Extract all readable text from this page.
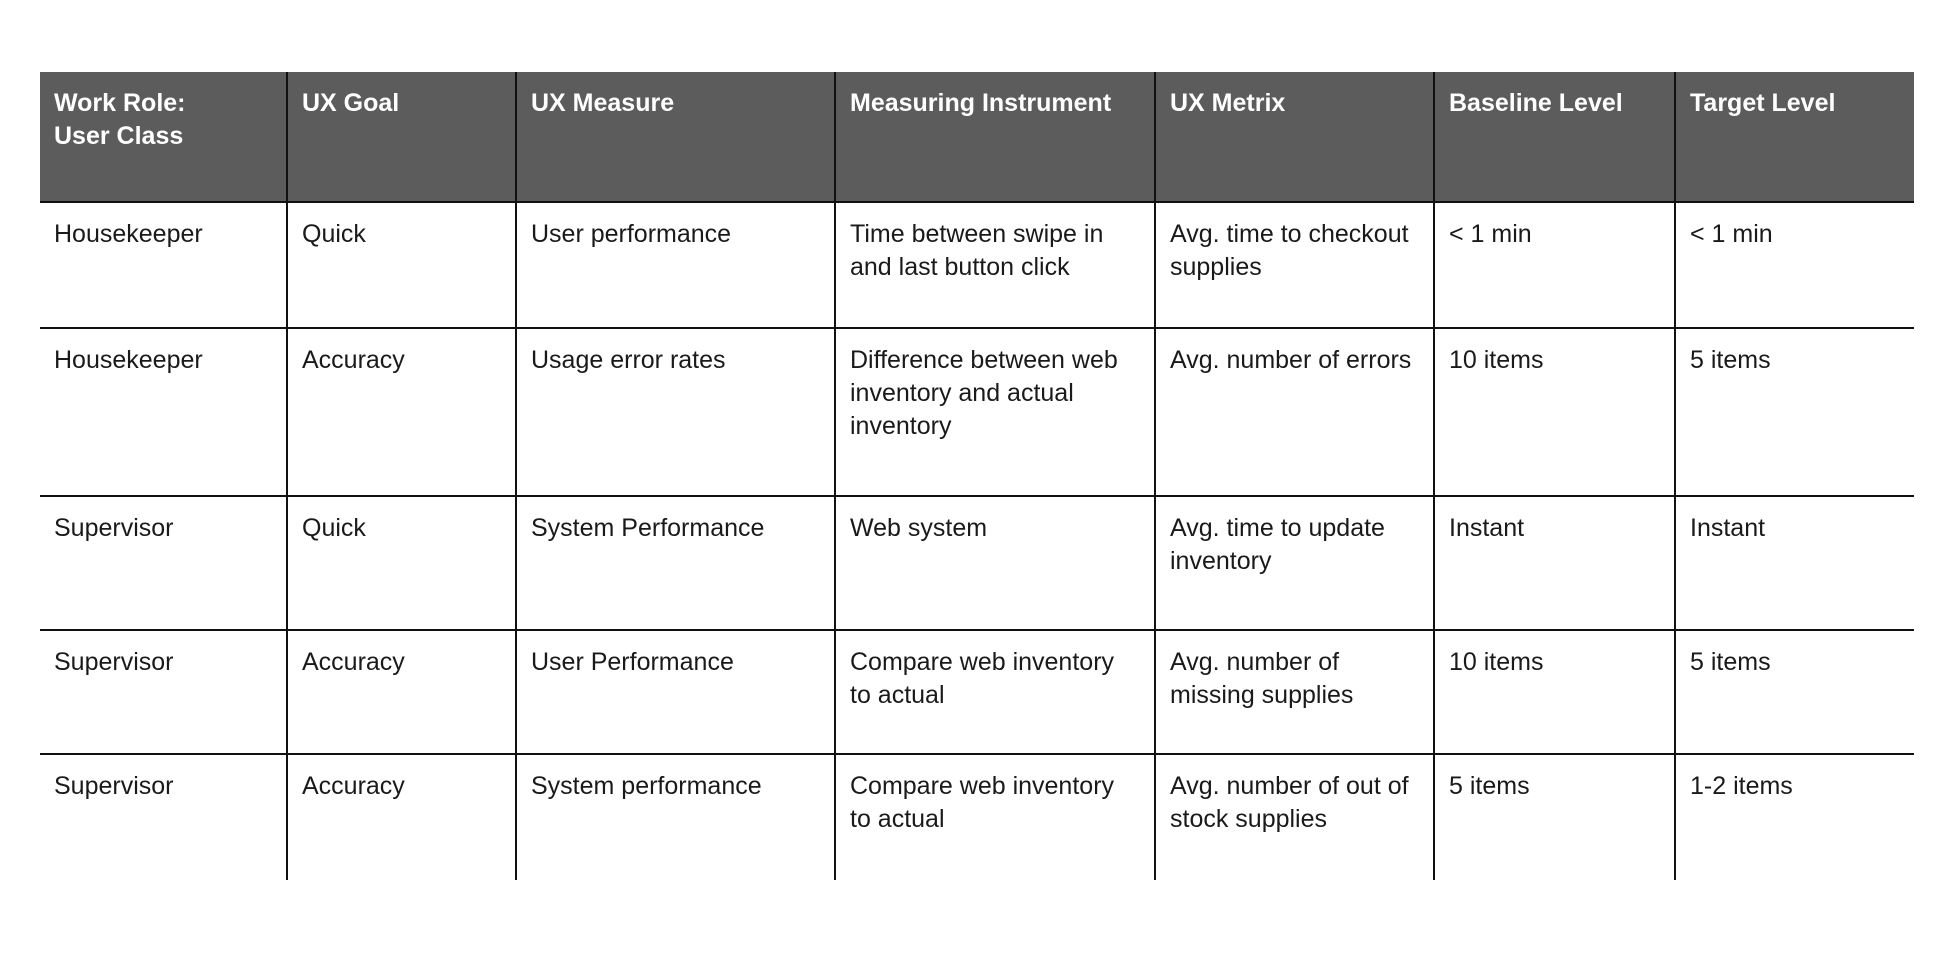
Work Role:
User Class	UX Goal	UX Measure	Measuring Instrument	UX Metrix	Baseline Level	Target Level

Housekeeper	Quick	User performance	Time between swipe in and last button click	Avg. time to checkout supplies	< 1 min	< 1 min
Housekeeper	Accuracy	Usage error rates	Difference between web inventory and actual inventory	Avg. number of errors	10 items	5 items
Supervisor	Quick	System Performance	Web system	Avg. time to update inventory	Instant	Instant
Supervisor	Accuracy	User Performance	Compare web inventory to actual	Avg. number of missing supplies	10 items	5 items
Supervisor	Accuracy	System performance	Compare web inventory to actual	Avg. number of out of stock supplies	5 items	1-2 items
